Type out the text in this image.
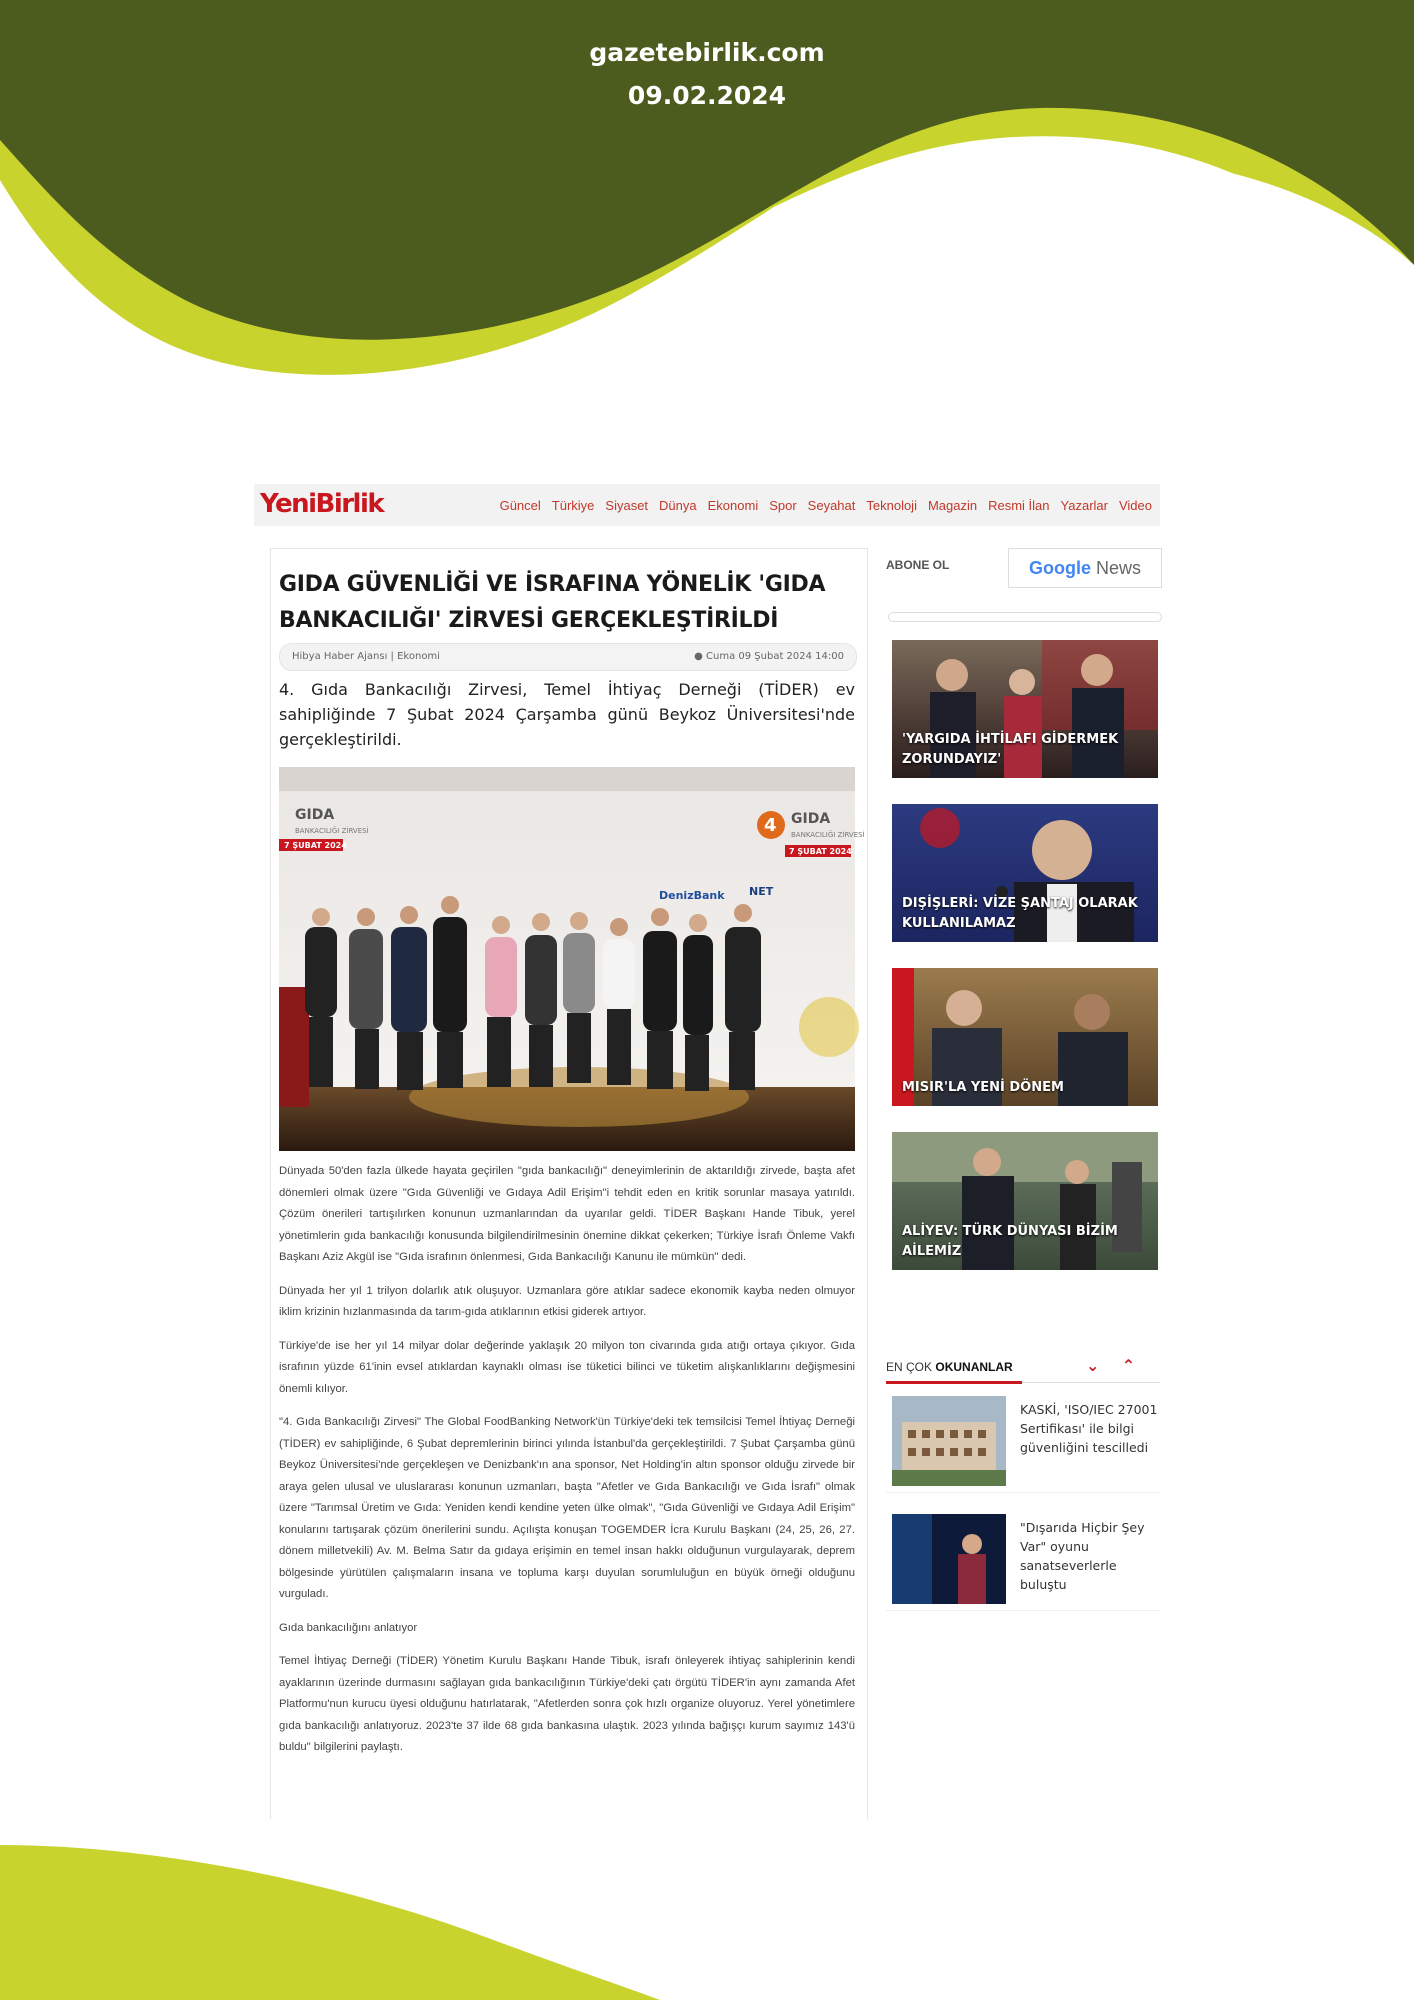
gazetebirlik.com
09.02.2024
YeniBirlik	Güncel Türkiye Siyaset Dünya Ekonomi Spor Seyahat Teknoloji Magazin Resmi İlan Yazarlar Video
GIDA GÜVENLİĞİ VE İSRAFINA YÖNELİK 'GIDA BANKACILIĞI' ZİRVESİ GERÇEKLEŞTİRİLDİ
Hibya Haber Ajansı | Ekonomi	● Cuma 09 Şubat 2024 14:00
4. Gıda Bankacılığı Zirvesi, Temel İhtiyaç Derneği (TİDER) ev sahipliğinde 7 Şubat 2024 Çarşamba günü Beykoz Üniversitesi'nde gerçekleştirildi.
GIDA
BANKACILIĞI ZİRVESİ
7 ŞUBAT 2024
4 GIDA
BANKACILIĞI ZİRVESİ
7 ŞUBAT 2024
DenizBank NET

Dünyada 50'den fazla ülkede hayata geçirilen "gıda bankacılığı" deneyimlerinin de aktarıldığı zirvede, başta afet dönemleri olmak üzere "Gıda Güvenliği ve Gıdaya Adil Erişim"i tehdit eden en kritik sorunlar masaya yatırıldı. Çözüm önerileri tartışılırken konunun uzmanlarından da uyarılar geldi. TİDER Başkanı Hande Tibuk, yerel yönetimlerin gıda bankacılığı konusunda bilgilendirilmesinin önemine dikkat çekerken; Türkiye İsrafı Önleme Vakfı Başkanı Aziz Akgül ise "Gıda israfının önlenmesi, Gıda Bankacılığı Kanunu ile mümkün" dedi.

Dünyada her yıl 1 trilyon dolarlık atık oluşuyor. Uzmanlara göre atıklar sadece ekonomik kayba neden olmuyor iklim krizinin hızlanmasında da tarım-gıda atıklarının etkisi giderek artıyor.

Türkiye'de ise her yıl 14 milyar dolar değerinde yaklaşık 20 milyon ton civarında gıda atığı ortaya çıkıyor. Gıda israfının yüzde 61'inin evsel atıklardan kaynaklı olması ise tüketici bilinci ve tüketim alışkanlıklarını değişmesini önemli kılıyor.

"4. Gıda Bankacılığı Zirvesi" The Global FoodBanking Network'ün Türkiye'deki tek temsilcisi Temel İhtiyaç Derneği (TİDER) ev sahipliğinde, 6 Şubat depremlerinin birinci yılında İstanbul'da gerçekleştirildi. 7 Şubat Çarşamba günü Beykoz Üniversitesi'nde gerçekleşen ve Denizbank'ın ana sponsor, Net Holding'in altın sponsor olduğu zirvede bir araya gelen ulusal ve uluslararası konunun uzmanları, başta "Afetler ve Gıda Bankacılığı ve Gıda İsrafı" olmak üzere "Tarımsal Üretim ve Gıda: Yeniden kendi kendine yeten ülke olmak", "Gıda Güvenliği ve Gıdaya Adil Erişim" konularını tartışarak çözüm önerilerini sundu. Açılışta konuşan TOGEMDER İcra Kurulu Başkanı (24, 25, 26, 27. dönem milletvekili) Av. M. Belma Satır da gıdaya erişimin en temel insan hakkı olduğunun vurgulayarak, deprem bölgesinde yürütülen çalışmaların insana ve topluma karşı duyulan sorumluluğun en büyük örneği olduğunu vurguladı.

Gıda bankacılığını anlatıyor

Temel İhtiyaç Derneği (TİDER) Yönetim Kurulu Başkanı Hande Tibuk, israfı önleyerek ihtiyaç sahiplerinin kendi ayaklarının üzerinde durmasını sağlayan gıda bankacılığının Türkiye'deki çatı örgütü TİDER'in aynı zamanda Afet Platformu'nun kurucu üyesi olduğunu hatırlatarak, "Afetlerden sonra çok hızlı organize oluyoruz. Yerel yönetimlere gıda bankacılığı anlatıyoruz. 2023'te 37 ilde 68 gıda bankasına ulaştık. 2023 yılında bağışçı kurum sayımız 143'ü buldu" bilgilerini paylaştı.

ABONE OL	Google News
'YARGIDA İHTİLAFI GİDERMEK ZORUNDAYIZ'
DIŞİŞLERİ: VİZE ŞANTAJ OLARAK KULLANILAMAZ
MISIR'LA YENİ DÖNEM
ALİYEV: TÜRK DÜNYASI BİZİM AİLEMİZ
EN ÇOK OKUNANLAR	⌄ ⌃
KASKİ, 'ISO/IEC 27001 Sertifikası' ile bilgi güvenliğini tescilledi
"Dışarıda Hiçbir Şey Var" oyunu sanatseverlerle buluştu
